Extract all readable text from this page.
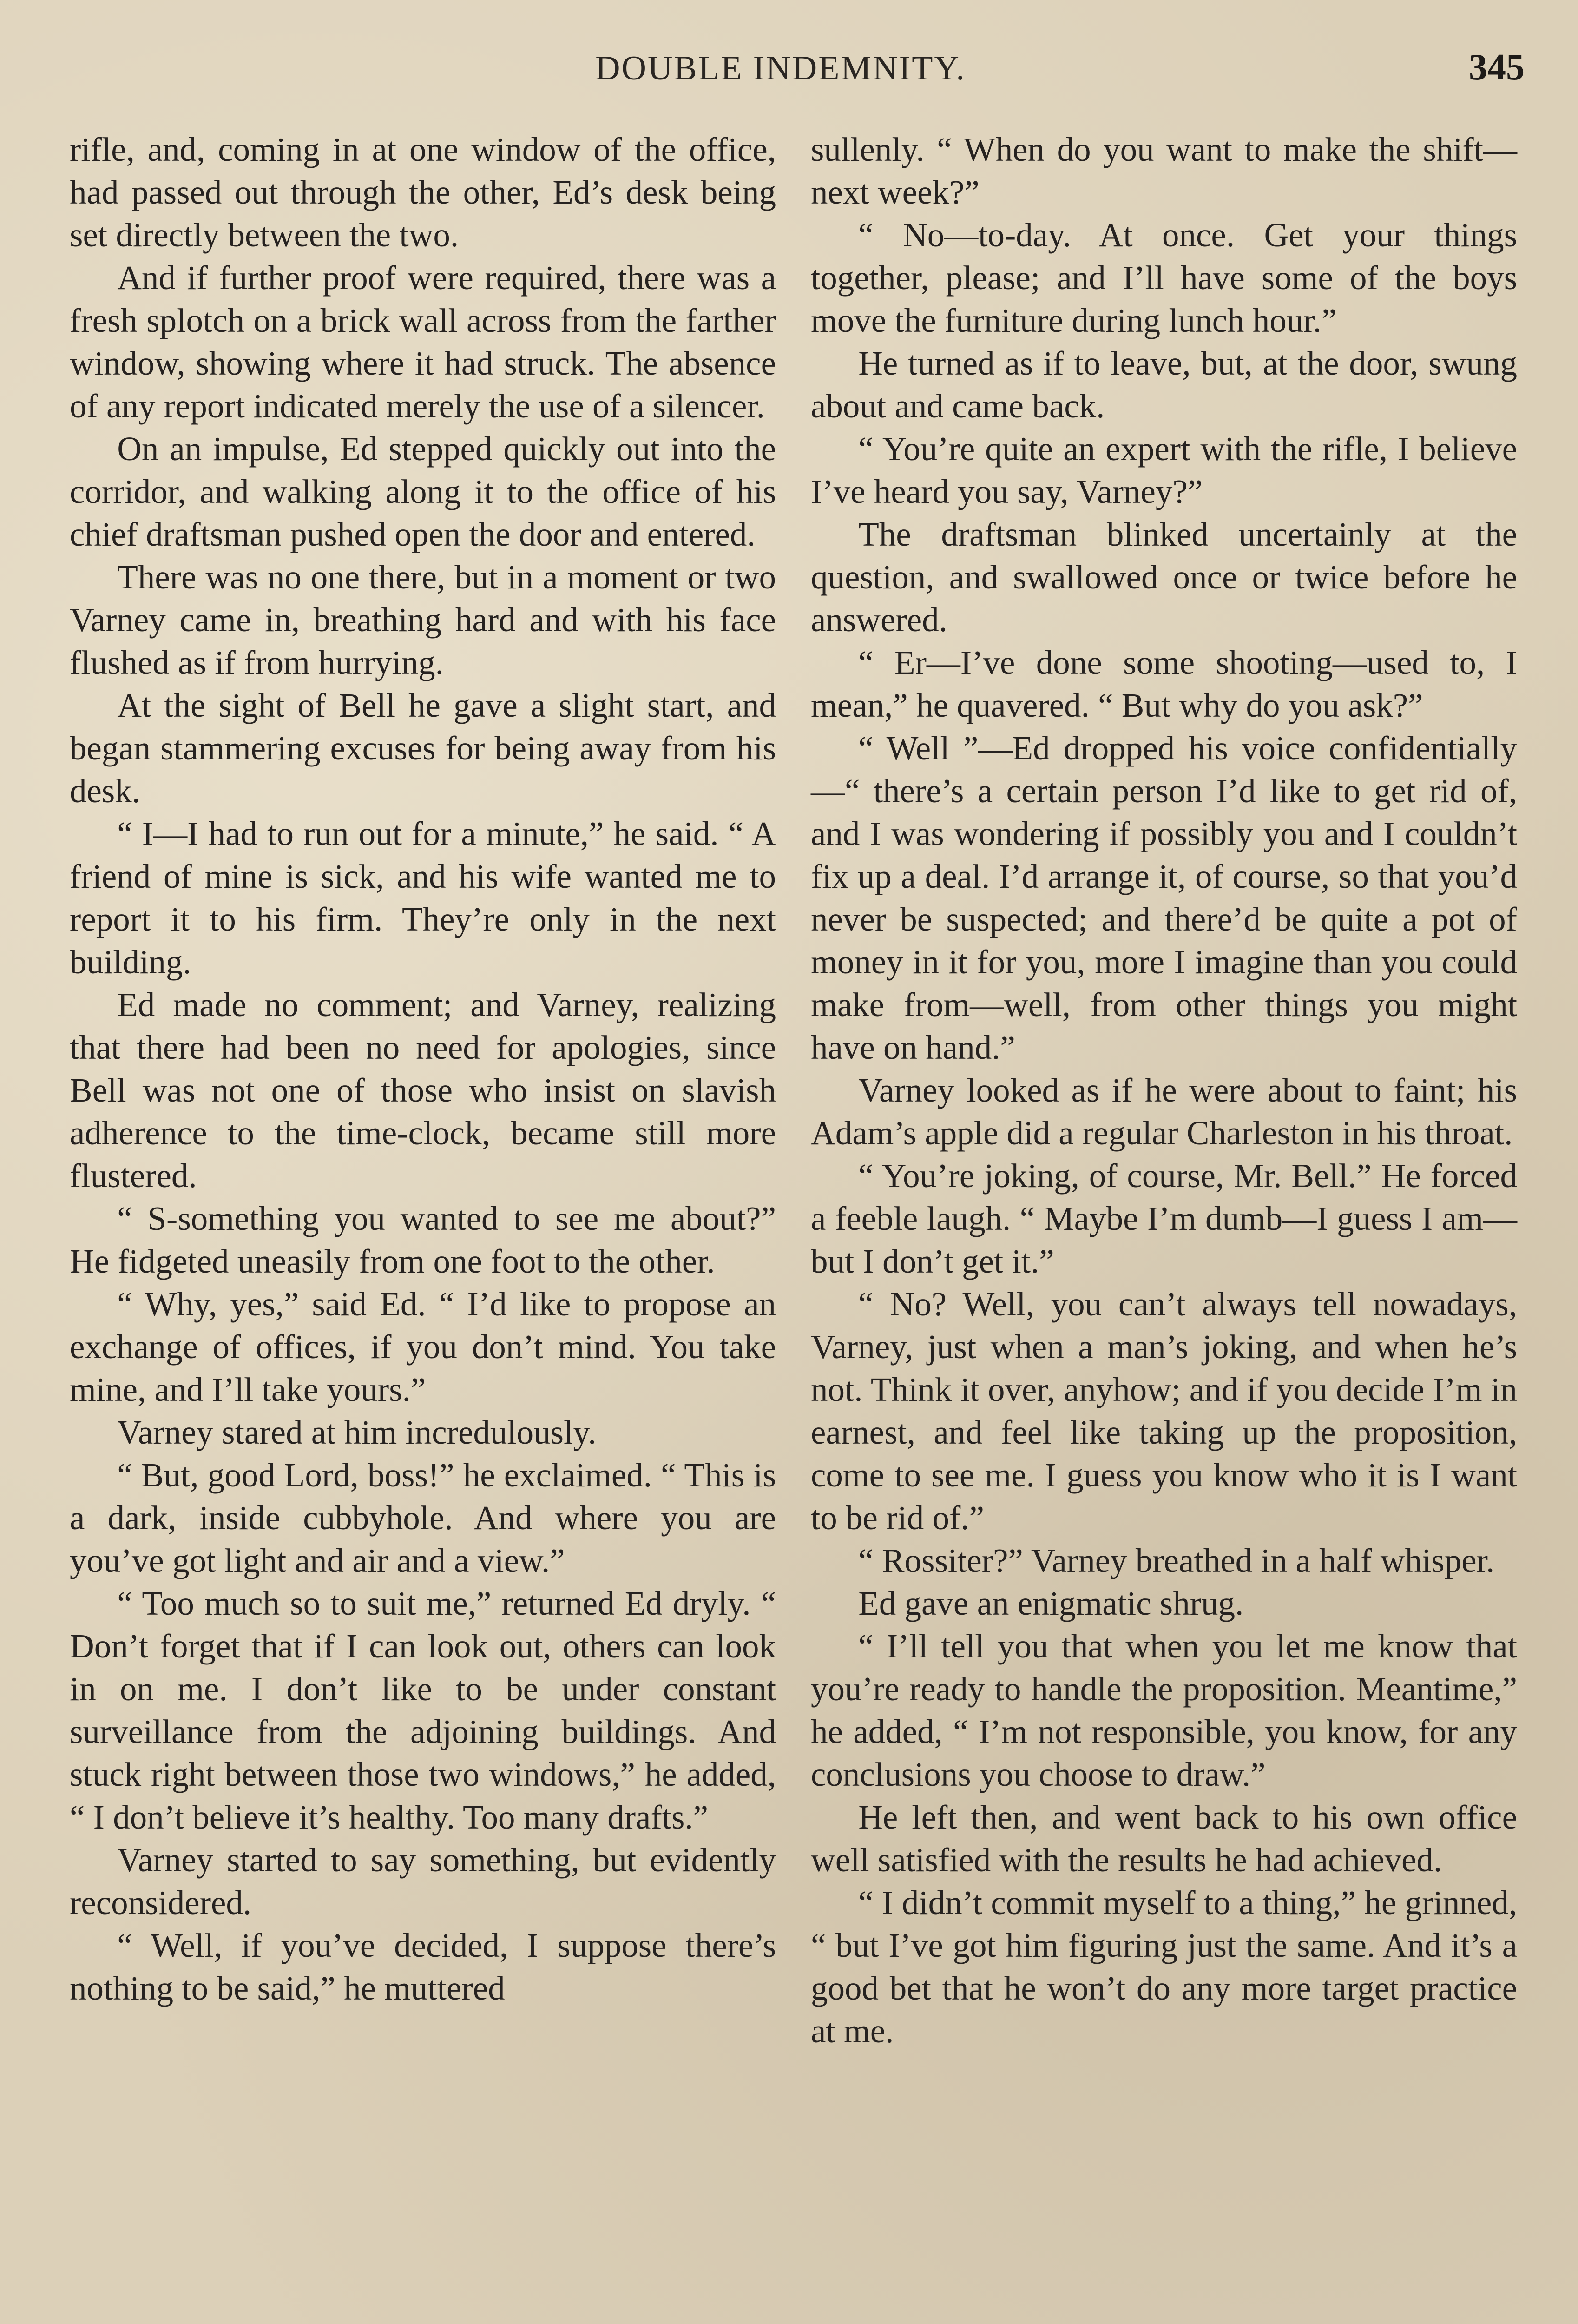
DOUBLE INDEMNITY.	345

rifle, and, coming in at one window of the office, had passed out through the other, Ed’s desk being set directly between the two.

And if further proof were required, there was a fresh splotch on a brick wall across from the farther window, showing where it had struck. The absence of any report indicated merely the use of a silencer.

On an impulse, Ed stepped quickly out into the corridor, and walking along it to the office of his chief draftsman pushed open the door and entered.

There was no one there, but in a moment or two Varney came in, breathing hard and with his face flushed as if from hurrying.

At the sight of Bell he gave a slight start, and began stammering excuses for being away from his desk.

“ I—I had to run out for a minute,” he said. “ A friend of mine is sick, and his wife wanted me to report it to his firm. They’re only in the next building.

Ed made no comment; and Varney, realizing that there had been no need for apologies, since Bell was not one of those who insist on slavish adherence to the time-clock, became still more flustered.

“ S-something you wanted to see me about?” He fidgeted uneasily from one foot to the other.

“ Why, yes,” said Ed. “ I’d like to propose an exchange of offices, if you don’t mind. You take mine, and I’ll take yours.”

Varney stared at him incredulously.

“ But, good Lord, boss!” he exclaimed. “ This is a dark, inside cubbyhole. And where you are you’ve got light and air and a view.”

“ Too much so to suit me,” returned Ed dryly. “ Don’t forget that if I can look out, others can look in on me. I don’t like to be under constant surveillance from the adjoining buildings. And stuck right between those two windows,” he added, “ I don’t believe it’s healthy. Too many drafts.”

Varney started to say something, but evidently reconsidered.

“ Well, if you’ve decided, I suppose there’s nothing to be said,” he muttered

sullenly. “ When do you want to make the shift—next week?”

“ No—to-day. At once. Get your things together, please; and I’ll have some of the boys move the furniture during lunch hour.”

He turned as if to leave, but, at the door, swung about and came back.

“ You’re quite an expert with the rifle, I believe I’ve heard you say, Varney?”

The draftsman blinked uncertainly at the question, and swallowed once or twice before he answered.

“ Er—I’ve done some shooting—used to, I mean,” he quavered. “ But why do you ask?”

“ Well ”—Ed dropped his voice confidentially—“ there’s a certain person I’d like to get rid of, and I was wondering if possibly you and I couldn’t fix up a deal. I’d arrange it, of course, so that you’d never be suspected; and there’d be quite a pot of money in it for you, more I imagine than you could make from—well, from other things you might have on hand.”

Varney looked as if he were about to faint; his Adam’s apple did a regular Charleston in his throat.

“ You’re joking, of course, Mr. Bell.” He forced a feeble laugh. “ Maybe I’m dumb—I guess I am—but I don’t get it.”

“ No? Well, you can’t always tell nowadays, Varney, just when a man’s joking, and when he’s not. Think it over, anyhow; and if you decide I’m in earnest, and feel like taking up the proposition, come to see me. I guess you know who it is I want to be rid of.”

“ Rossiter?” Varney breathed in a half whisper.

Ed gave an enigmatic shrug.

“ I’ll tell you that when you let me know that you’re ready to handle the proposition. Meantime,” he added, “ I’m not responsible, you know, for any conclusions you choose to draw.”

He left then, and went back to his own office well satisfied with the results he had achieved.

“ I didn’t commit myself to a thing,” he grinned, “ but I’ve got him figuring just the same. And it’s a good bet that he won’t do any more target practice at me.
